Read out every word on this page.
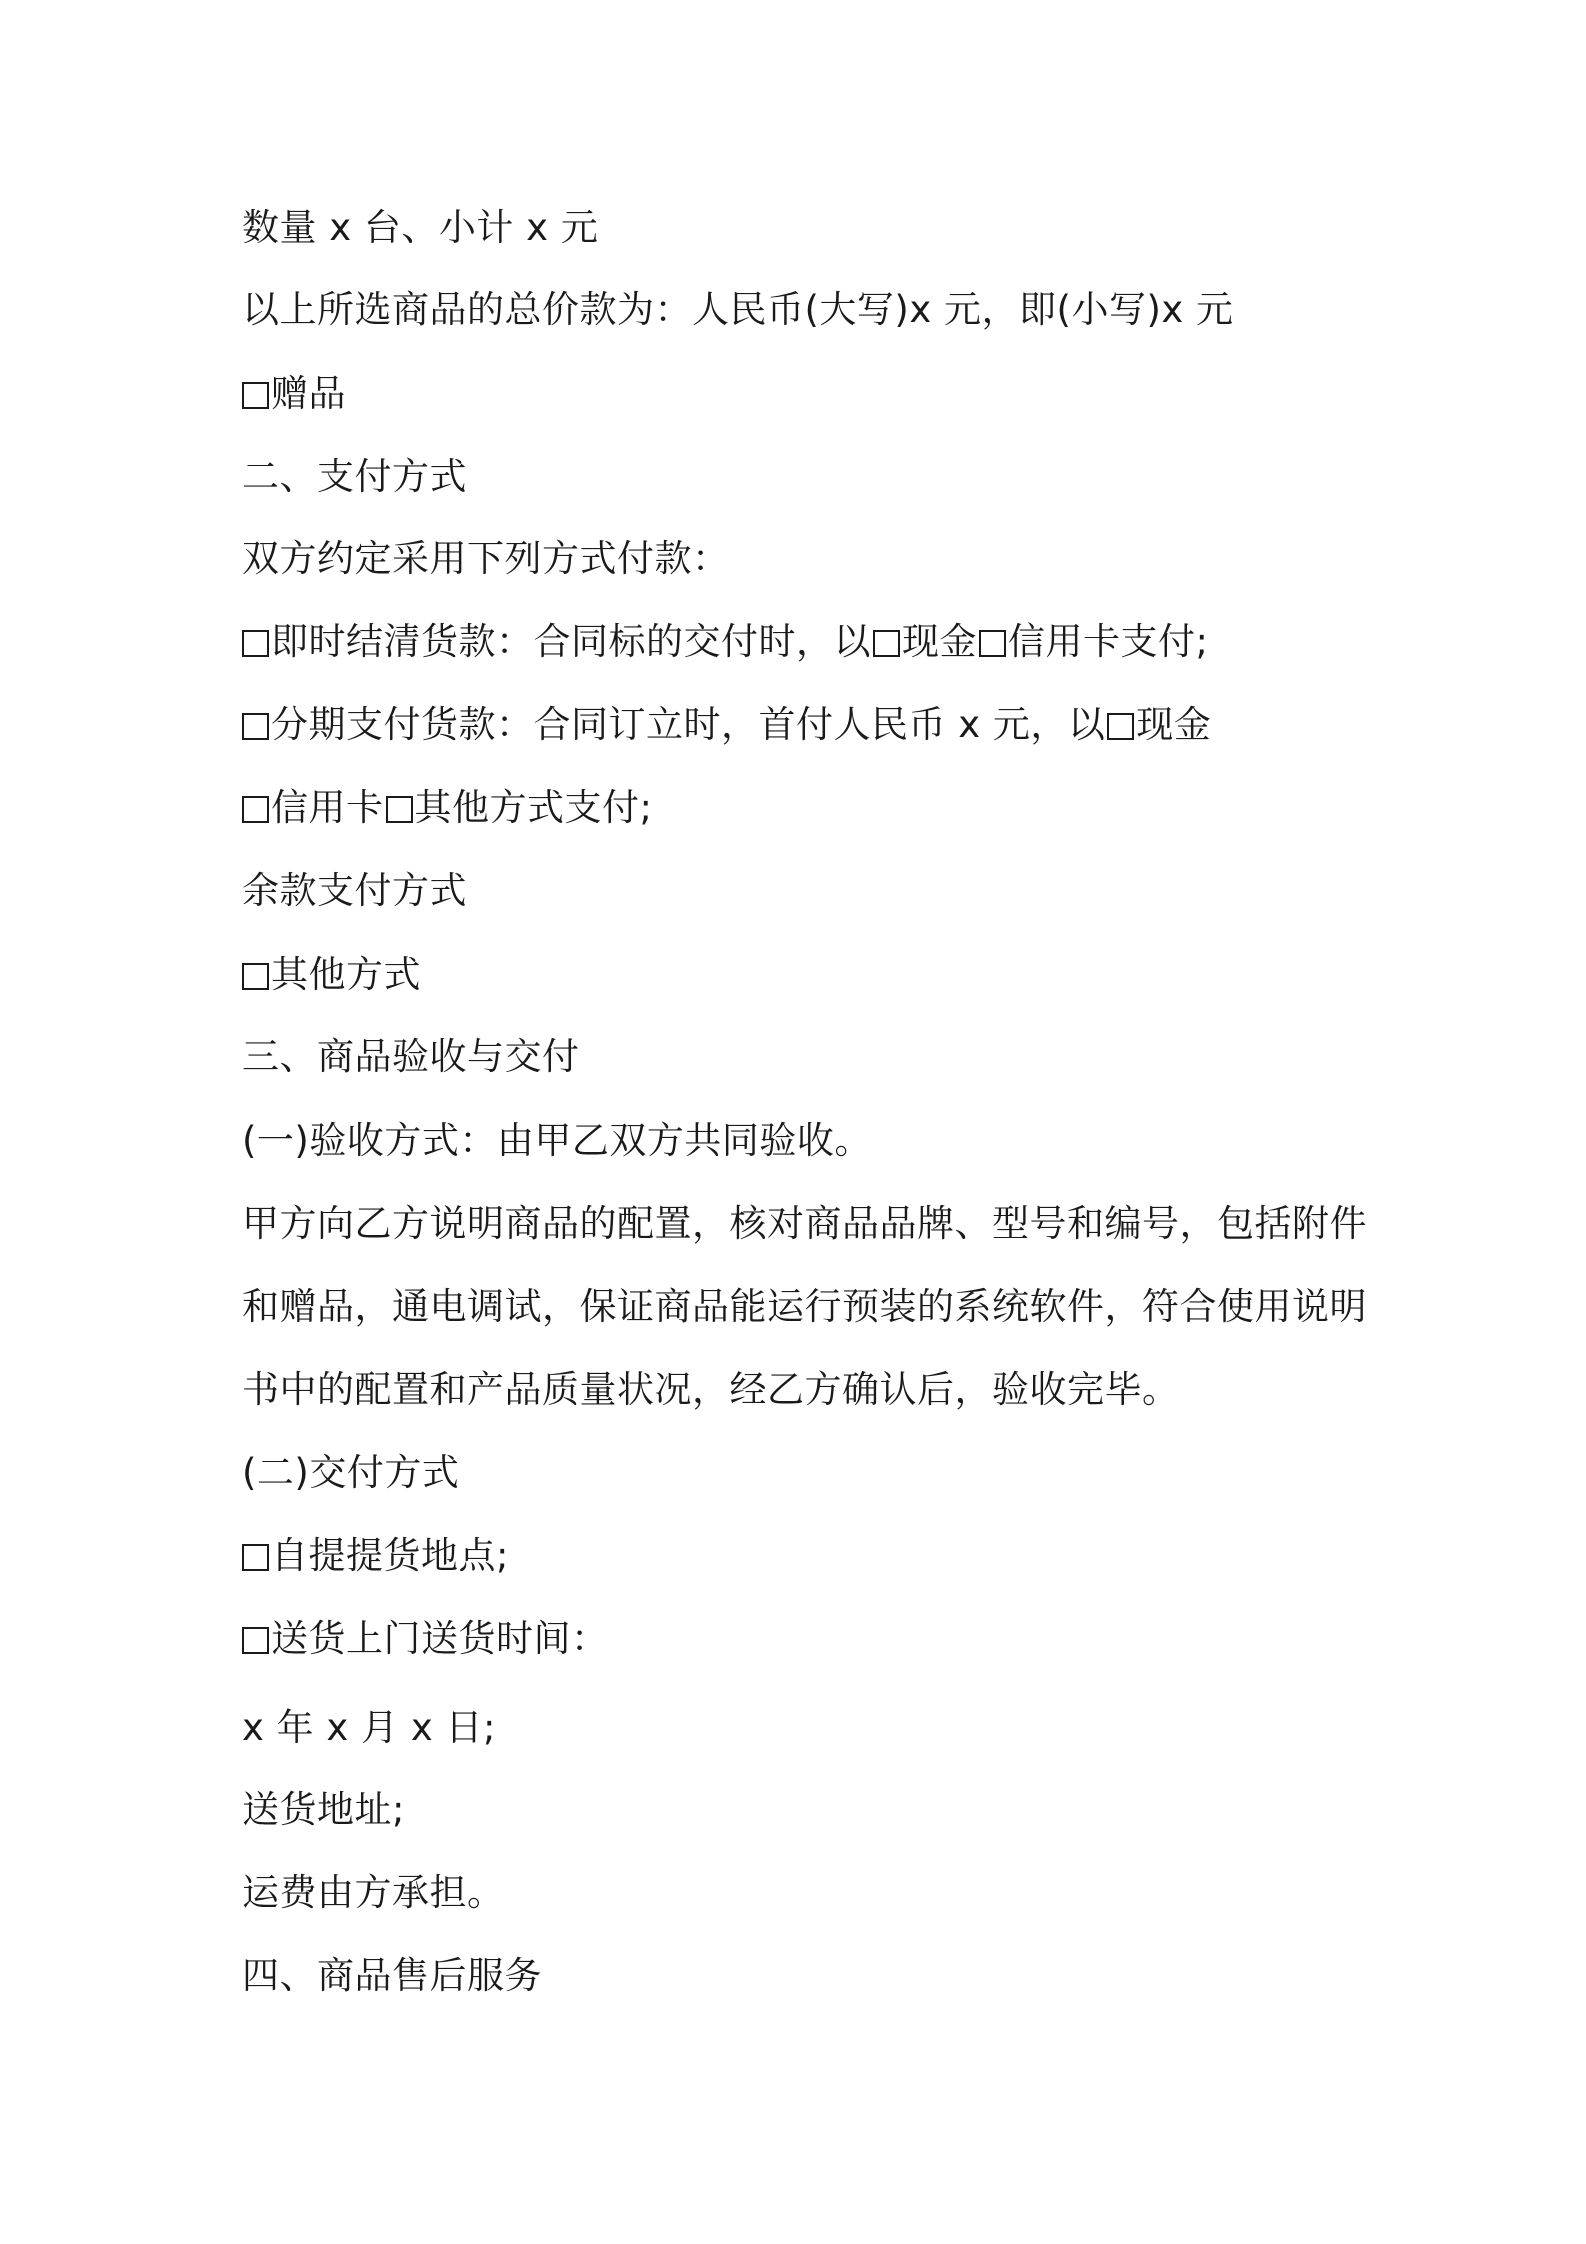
数量 x 台、小计 x 元
以上所选商品的总价款为：人民币(大写)x 元，即(小写)x 元
赠品
二、支付方式
双方约定采用下列方式付款：
即时结清货款：合同标的交付时，以 现金 信用卡支付;
分期支付货款：合同订立时，首付人民币 x 元，以 现金
信用卡 其他方式支付;
余款支付方式
其他方式
三、商品验收与交付
(一)验收方式：由甲乙双方共同验收。
甲方向乙方说明商品的配置，核对商品品牌、型号和编号，包括附件
和赠品，通电调试，保证商品能运行预装的系统软件，符合使用说明
书中的配置和产品质量状况，经乙方确认后，验收完毕。
(二)交付方式
自提提货地点;
送货上门送货时间：
x 年 x 月 x 日;
送货地址;
运费由方承担。
四、商品售后服务
